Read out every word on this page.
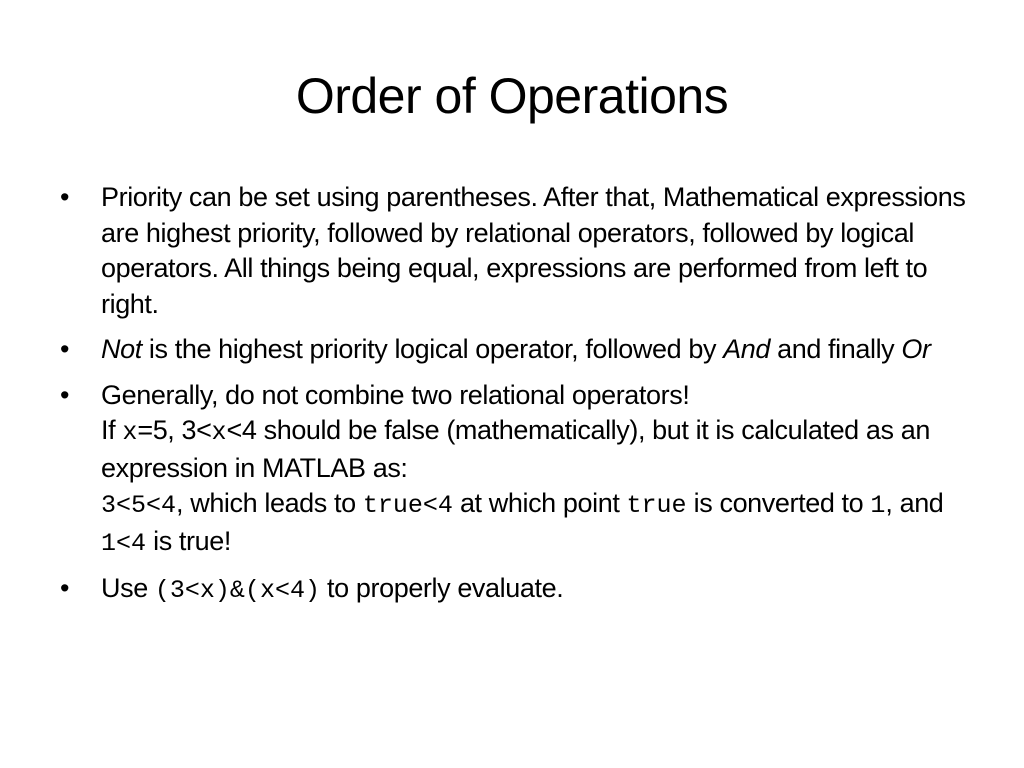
Order of Operations
•	Priority can be set using parentheses. After that, Mathematical expressions are highest priority, followed by relational operators, followed by logical operators. All things being equal, expressions are performed from left to right.
•	Not is the highest priority logical operator, followed by And and finally Or
•	Generally, do not combine two relational operators!
If x=5, 3<x<4 should be false (mathematically), but it is calculated as an expression in MATLAB as:
3<5<4, which leads to true<4 at which point true is converted to 1, and 1<4 is true!
•	Use (3<x)&(x<4) to properly evaluate.
